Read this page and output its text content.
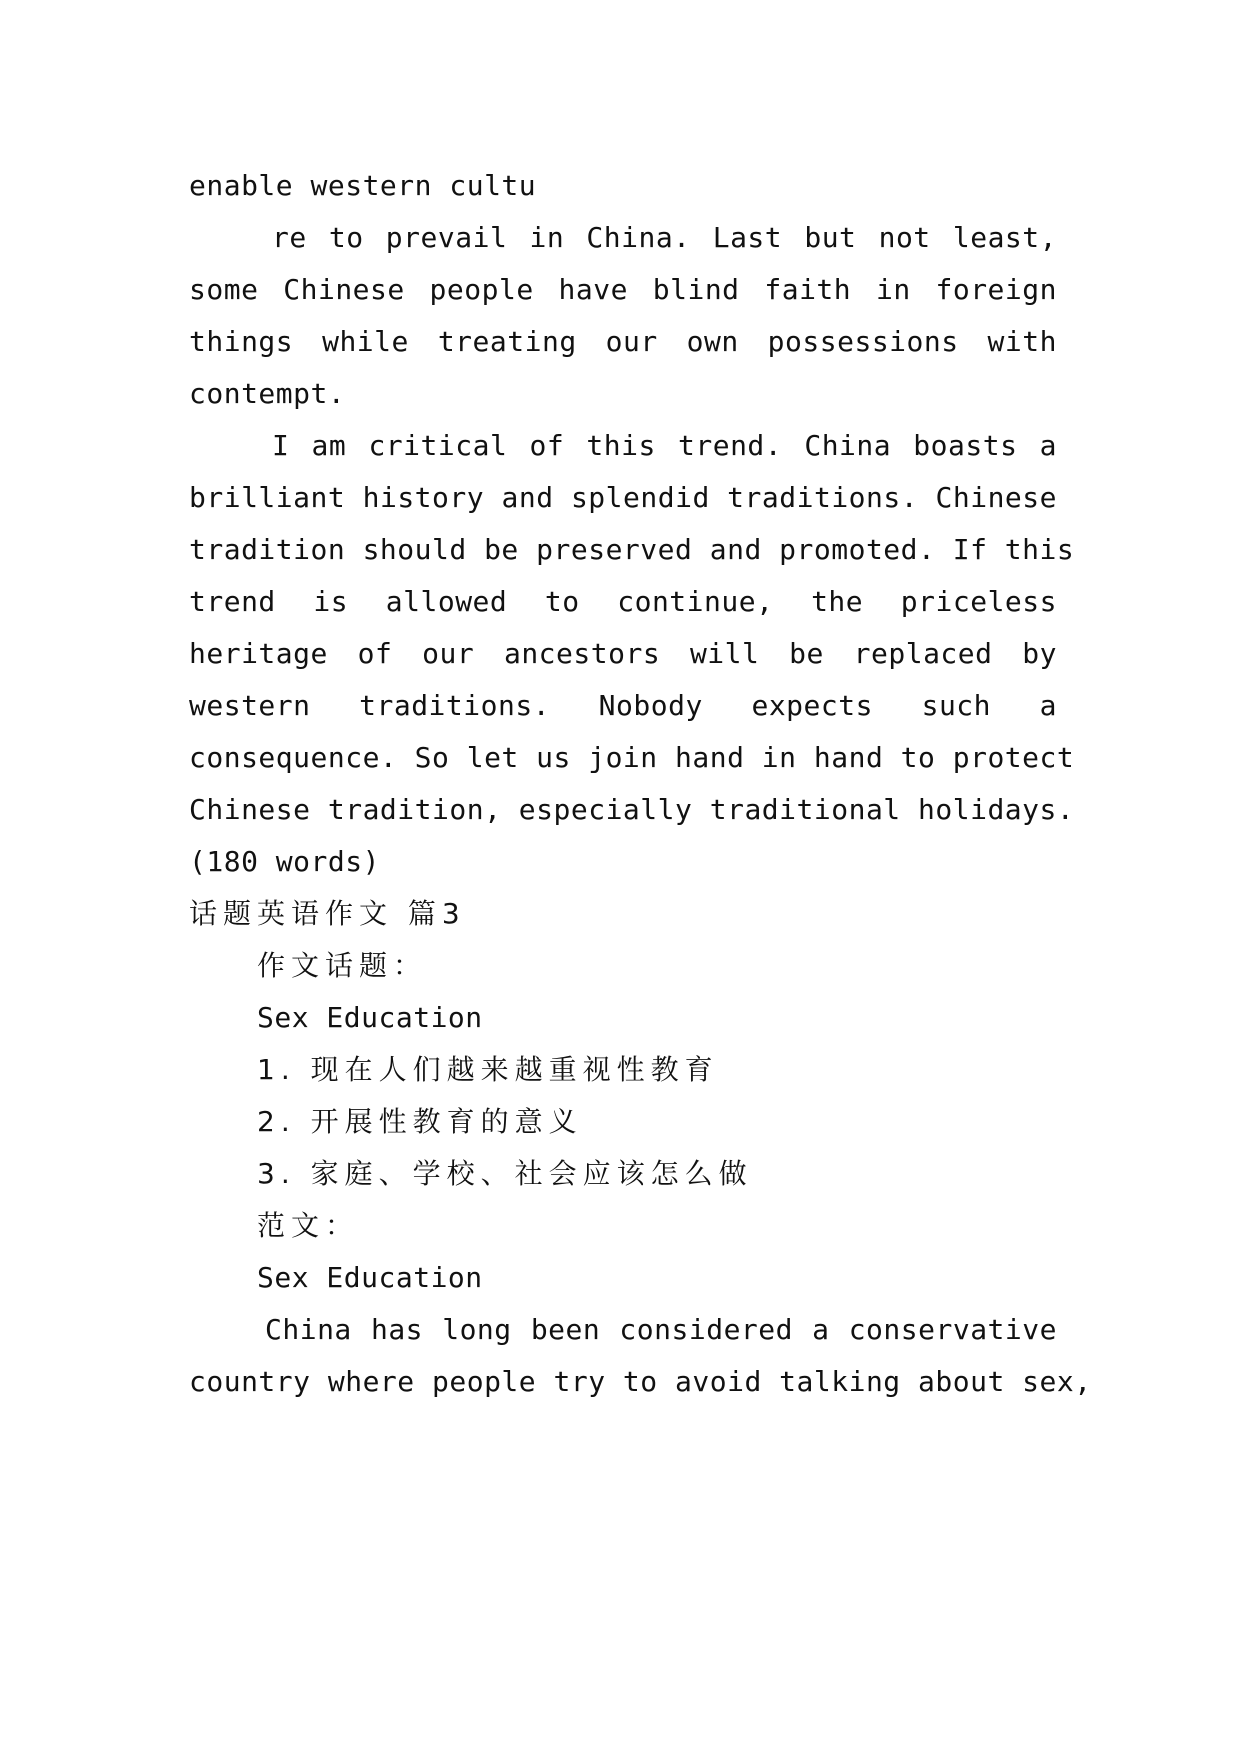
enable western cultu
re to prevail in China. Last but not least,
some Chinese people have blind faith in foreign
things while treating our own possessions with
contempt.
I am critical of this trend. China boasts a
brilliant history and splendid traditions. Chinese
tradition should be preserved and promoted. If this
trend is allowed to continue, the priceless
heritage of our ancestors will be replaced by
western traditions. Nobody expects such a
consequence. So let us join hand in hand to protect
Chinese tradition, especially traditional holidays.
(180 words)
话题英语作文 篇3
作文话题：
Sex Education
1. 现在人们越来越重视性教育
2. 开展性教育的意义
3. 家庭、学校、社会应该怎么做
范文：
Sex Education
China has long been considered a conservative
country where people try to avoid talking about sex,
